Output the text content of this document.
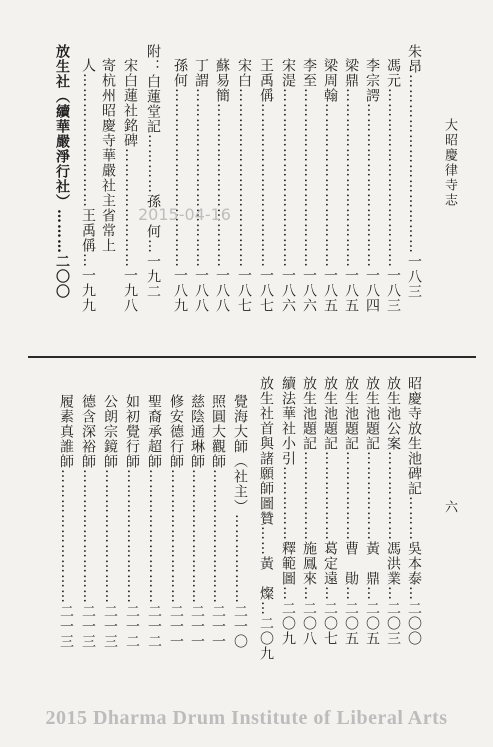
大昭慶律寺志
六
朱昂………………………………一八三
馮元………………………………一八三
李宗諤……………………………一八四
梁鼎………………………………一八五
梁周翰……………………………一八五
李至………………………………一八六
宋湜………………………………一八六
王禹偁……………………………一八七
宋白………………………………一八七
蘇易簡……………………………一八八
丁謂………………………………一八八
孫何………………………………一八九
附：白蓮堂記…………孫　何…一九二
宋白蓮社銘碑……………………一九八
寄杭州昭慶寺華嚴社主省常上
人………………………王禹偁…一九九
放生社（續華嚴淨行社）………二〇〇	2015-04-16
昭慶寺放生池碑記………吳本泰…二〇〇
放生池公案………………馮洪業…二〇三
放生池題記………………黃　鼎…二〇五
放生池題記………………曹　勛…二〇五
放生池題記………………葛定遠…二〇七
放生池題記………………施鳳來…二〇八
續法華社小引……………釋範圖…二〇九
放生社首與諸願師圖贊……黃　燦…二〇九
覺海大師（社主）………………二一〇
照圓大觀師………………………二一一
慈陰通琳師………………………二一一
修安德行師………………………二一一
聖裔承超師………………………二一二
如初覺行師………………………二一二
公朗宗鏡師………………………二一三
德含深裕師………………………二一三
履素真誰師………………………二一三
2015 Dharma Drum Institute of Liberal Arts
